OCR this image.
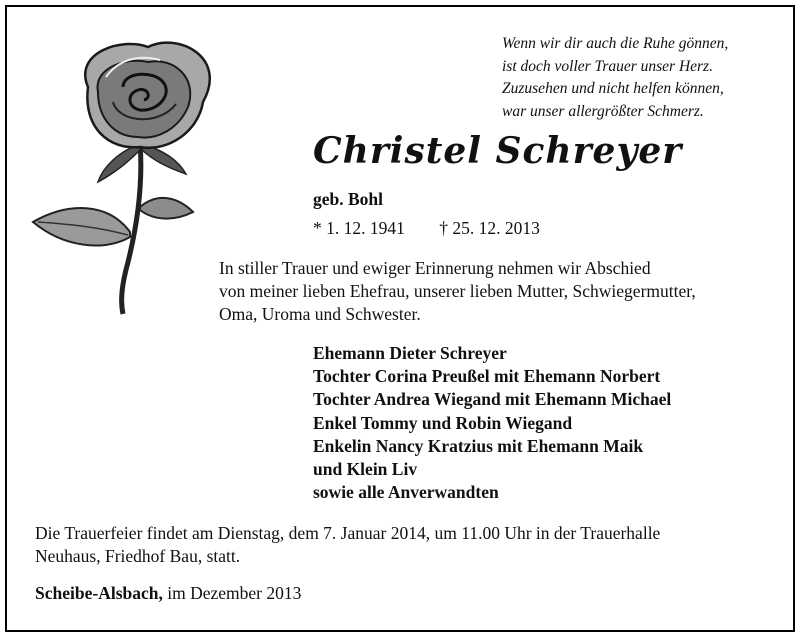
Wenn wir dir auch die Ruhe gönnen,
ist doch voller Trauer unser Herz.
Zuzusehen und nicht helfen können,
war unser allergrößter Schmerz.
Christel Schreyer
geb. Bohl
* 1. 12. 1941 † 25. 12. 2013
In stiller Trauer und ewiger Erinnerung nehmen wir Abschied
von meiner lieben Ehefrau, unserer lieben Mutter, Schwiegermutter,
Oma, Uroma und Schwester.
Ehemann Dieter Schreyer
Tochter Corina Preußel mit Ehemann Norbert
Tochter Andrea Wiegand mit Ehemann Michael
Enkel Tommy und Robin Wiegand
Enkelin Nancy Kratzius mit Ehemann Maik
und Klein Liv
sowie alle Anverwandten
Die Trauerfeier findet am Dienstag, dem 7. Januar 2014, um 11.00 Uhr in der Trauerhalle
Neuhaus, Friedhof Bau, statt.
Scheibe-Alsbach, im Dezember 2013
